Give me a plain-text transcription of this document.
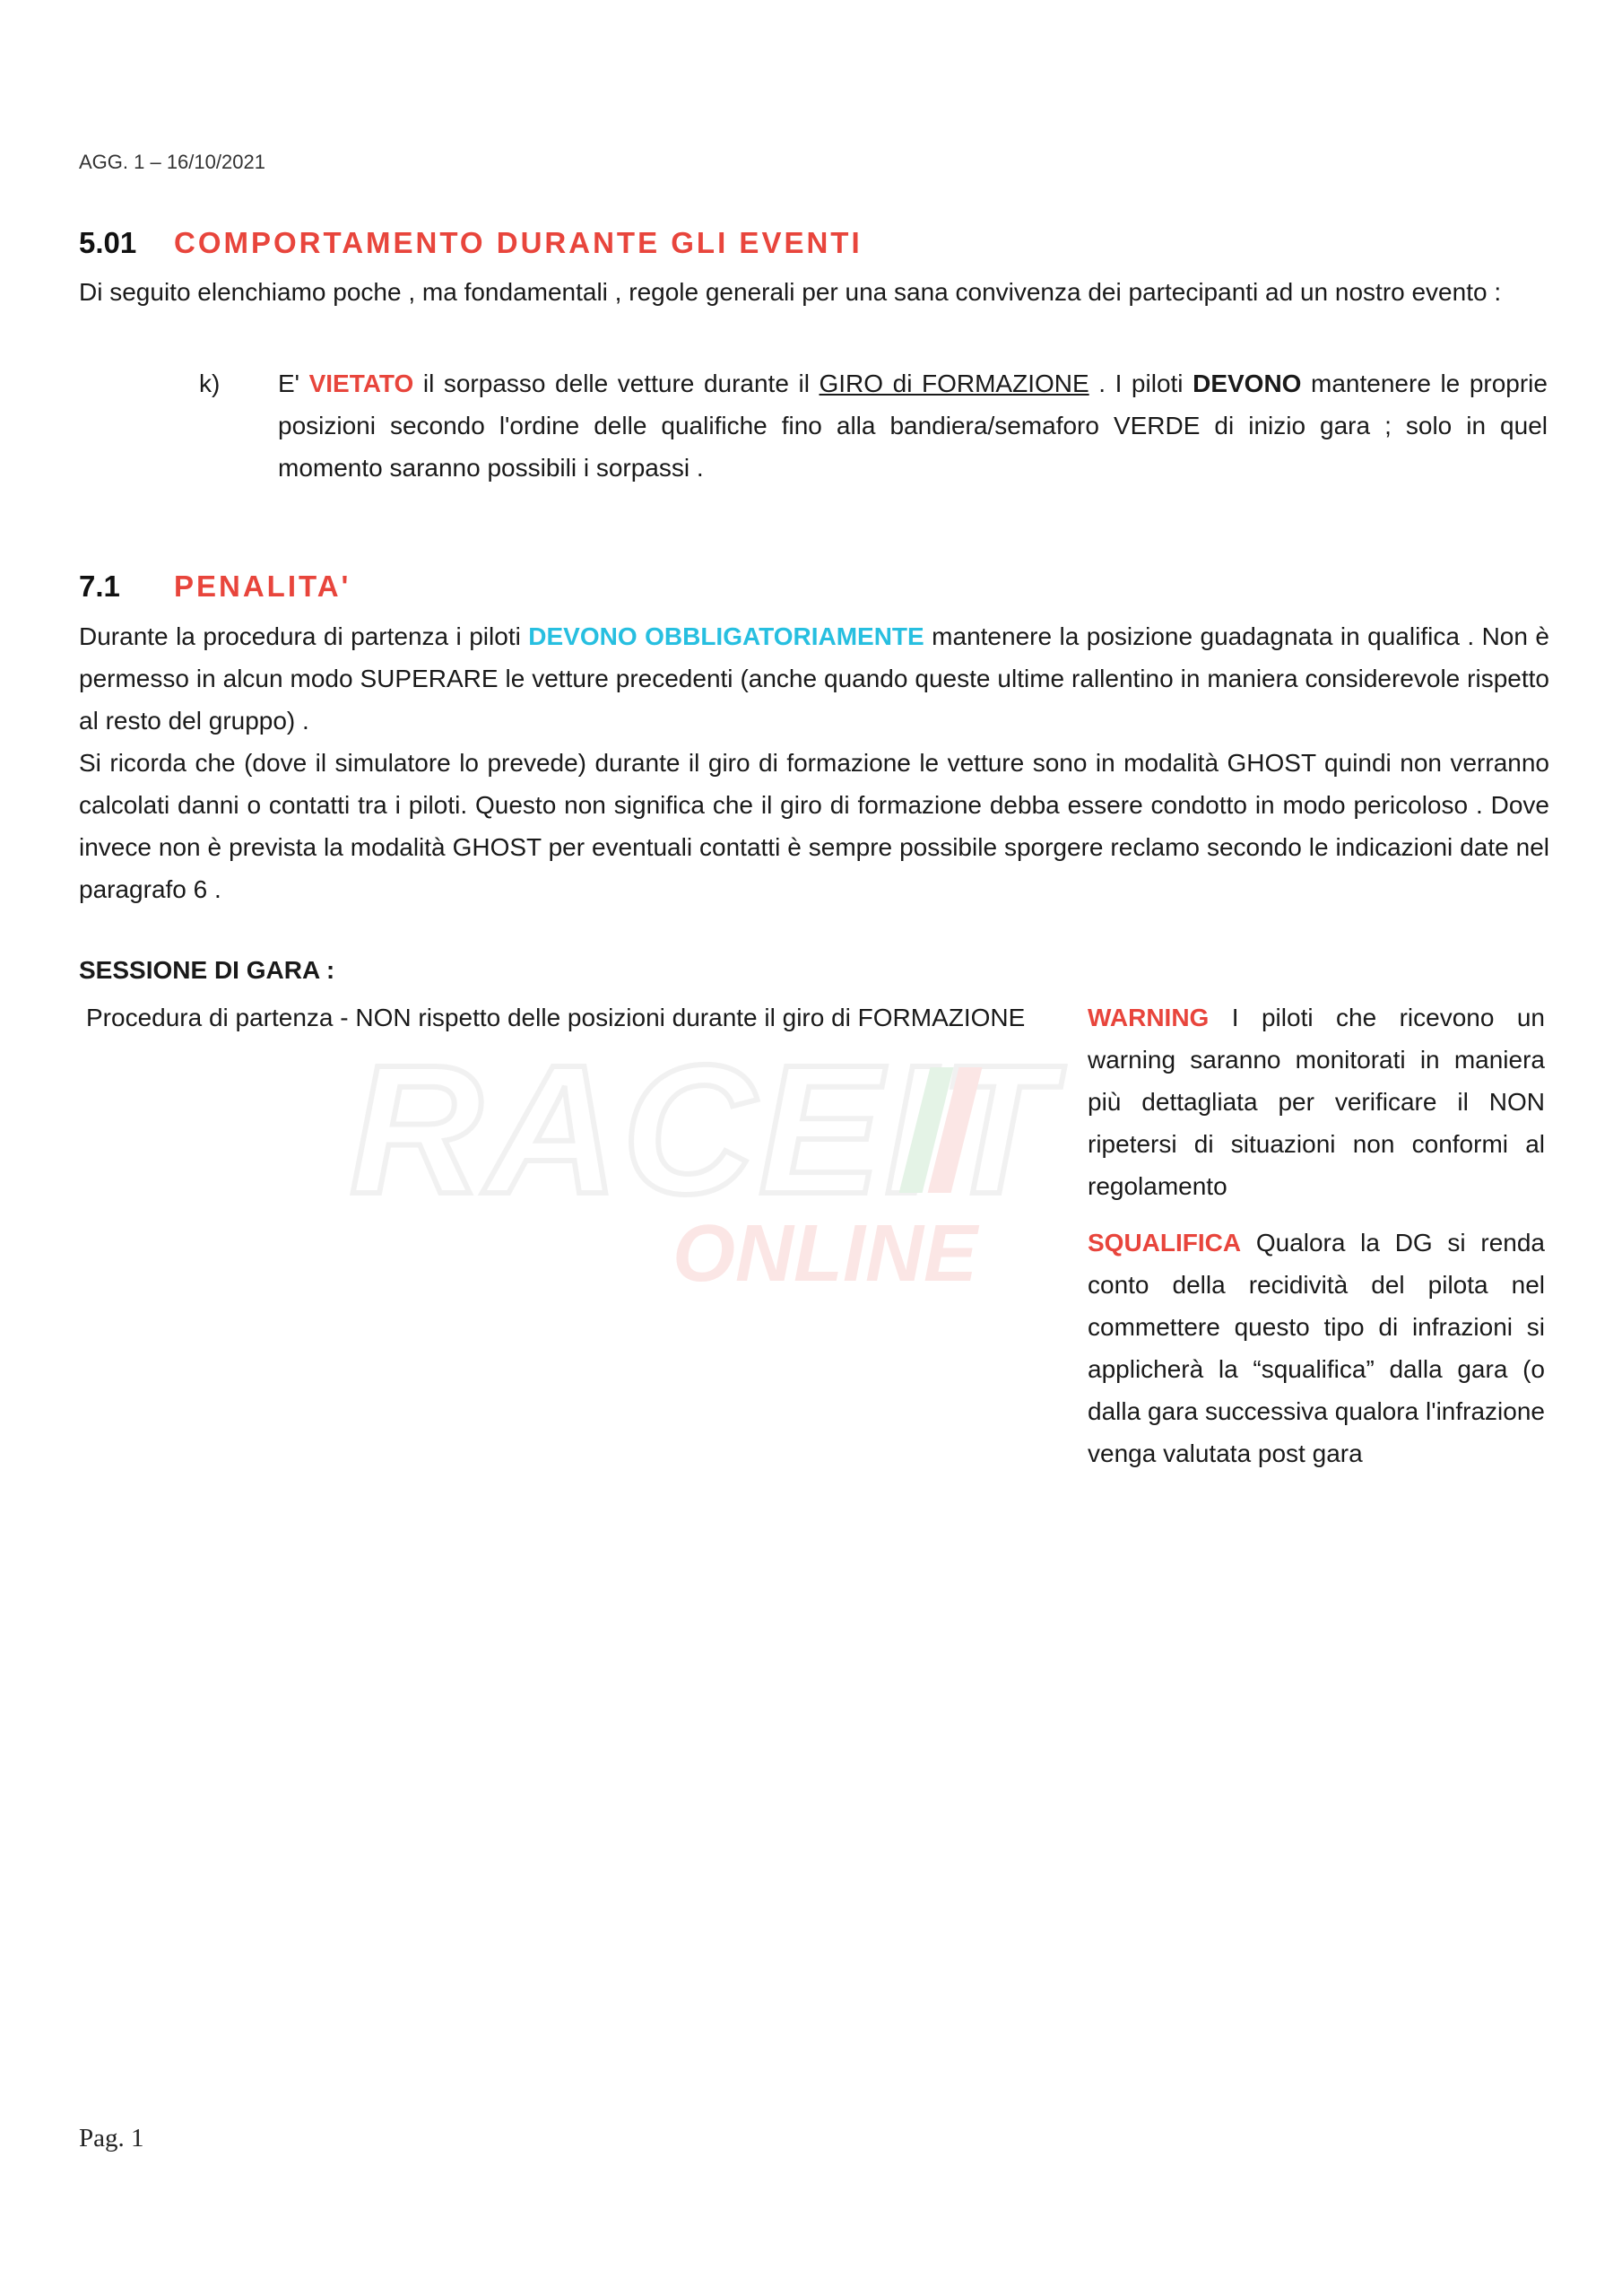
AGG. 1 – 16/10/2021
5.01	COMPORTAMENTO DURANTE GLI EVENTI
Di seguito elenchiamo poche , ma fondamentali , regole generali per una sana convivenza dei partecipanti ad un nostro evento :
k) E' VIETATO il sorpasso delle vetture durante il GIRO di FORMAZIONE . I piloti DEVONO mantenere le proprie posizioni secondo l'ordine delle qualifiche fino alla bandiera/semaforo VERDE di inizio gara ; solo in quel momento saranno possibili i sorpassi .
7.1	PENALITA'
Durante la procedura di partenza i piloti DEVONO OBBLIGATORIAMENTE mantenere la posizione guadagnata in qualifica . Non è permesso in alcun modo SUPERARE le vetture precedenti (anche quando queste ultime rallentino in maniera considerevole rispetto al resto del gruppo) .
Si ricorda che (dove il simulatore lo prevede) durante il giro di formazione le vetture sono in modalità GHOST quindi non verranno calcolati danni o contatti tra i piloti. Questo non significa che il giro di formazione debba essere condotto in modo pericoloso . Dove invece non è prevista la modalità GHOST per eventuali contatti è sempre possibile sporgere reclamo secondo le indicazioni date nel paragrafo 6 .
SESSIONE DI GARA :
Procedura di partenza - NON rispetto delle posizioni durante il giro di FORMAZIONE	WARNING I piloti che ricevono un warning saranno monitorati in maniera più dettagliata per verificare il NON ripetersi di situazioni non conformi al regolamento
SQUALIFICA Qualora la DG si renda conto della recidività del pilota nel commettere questo tipo di infrazioni si applicherà la “squalifica” dalla gara (o dalla gara successiva qualora l'infrazione venga valutata post gara
RACEIT
ONLINE
Pag. 1
